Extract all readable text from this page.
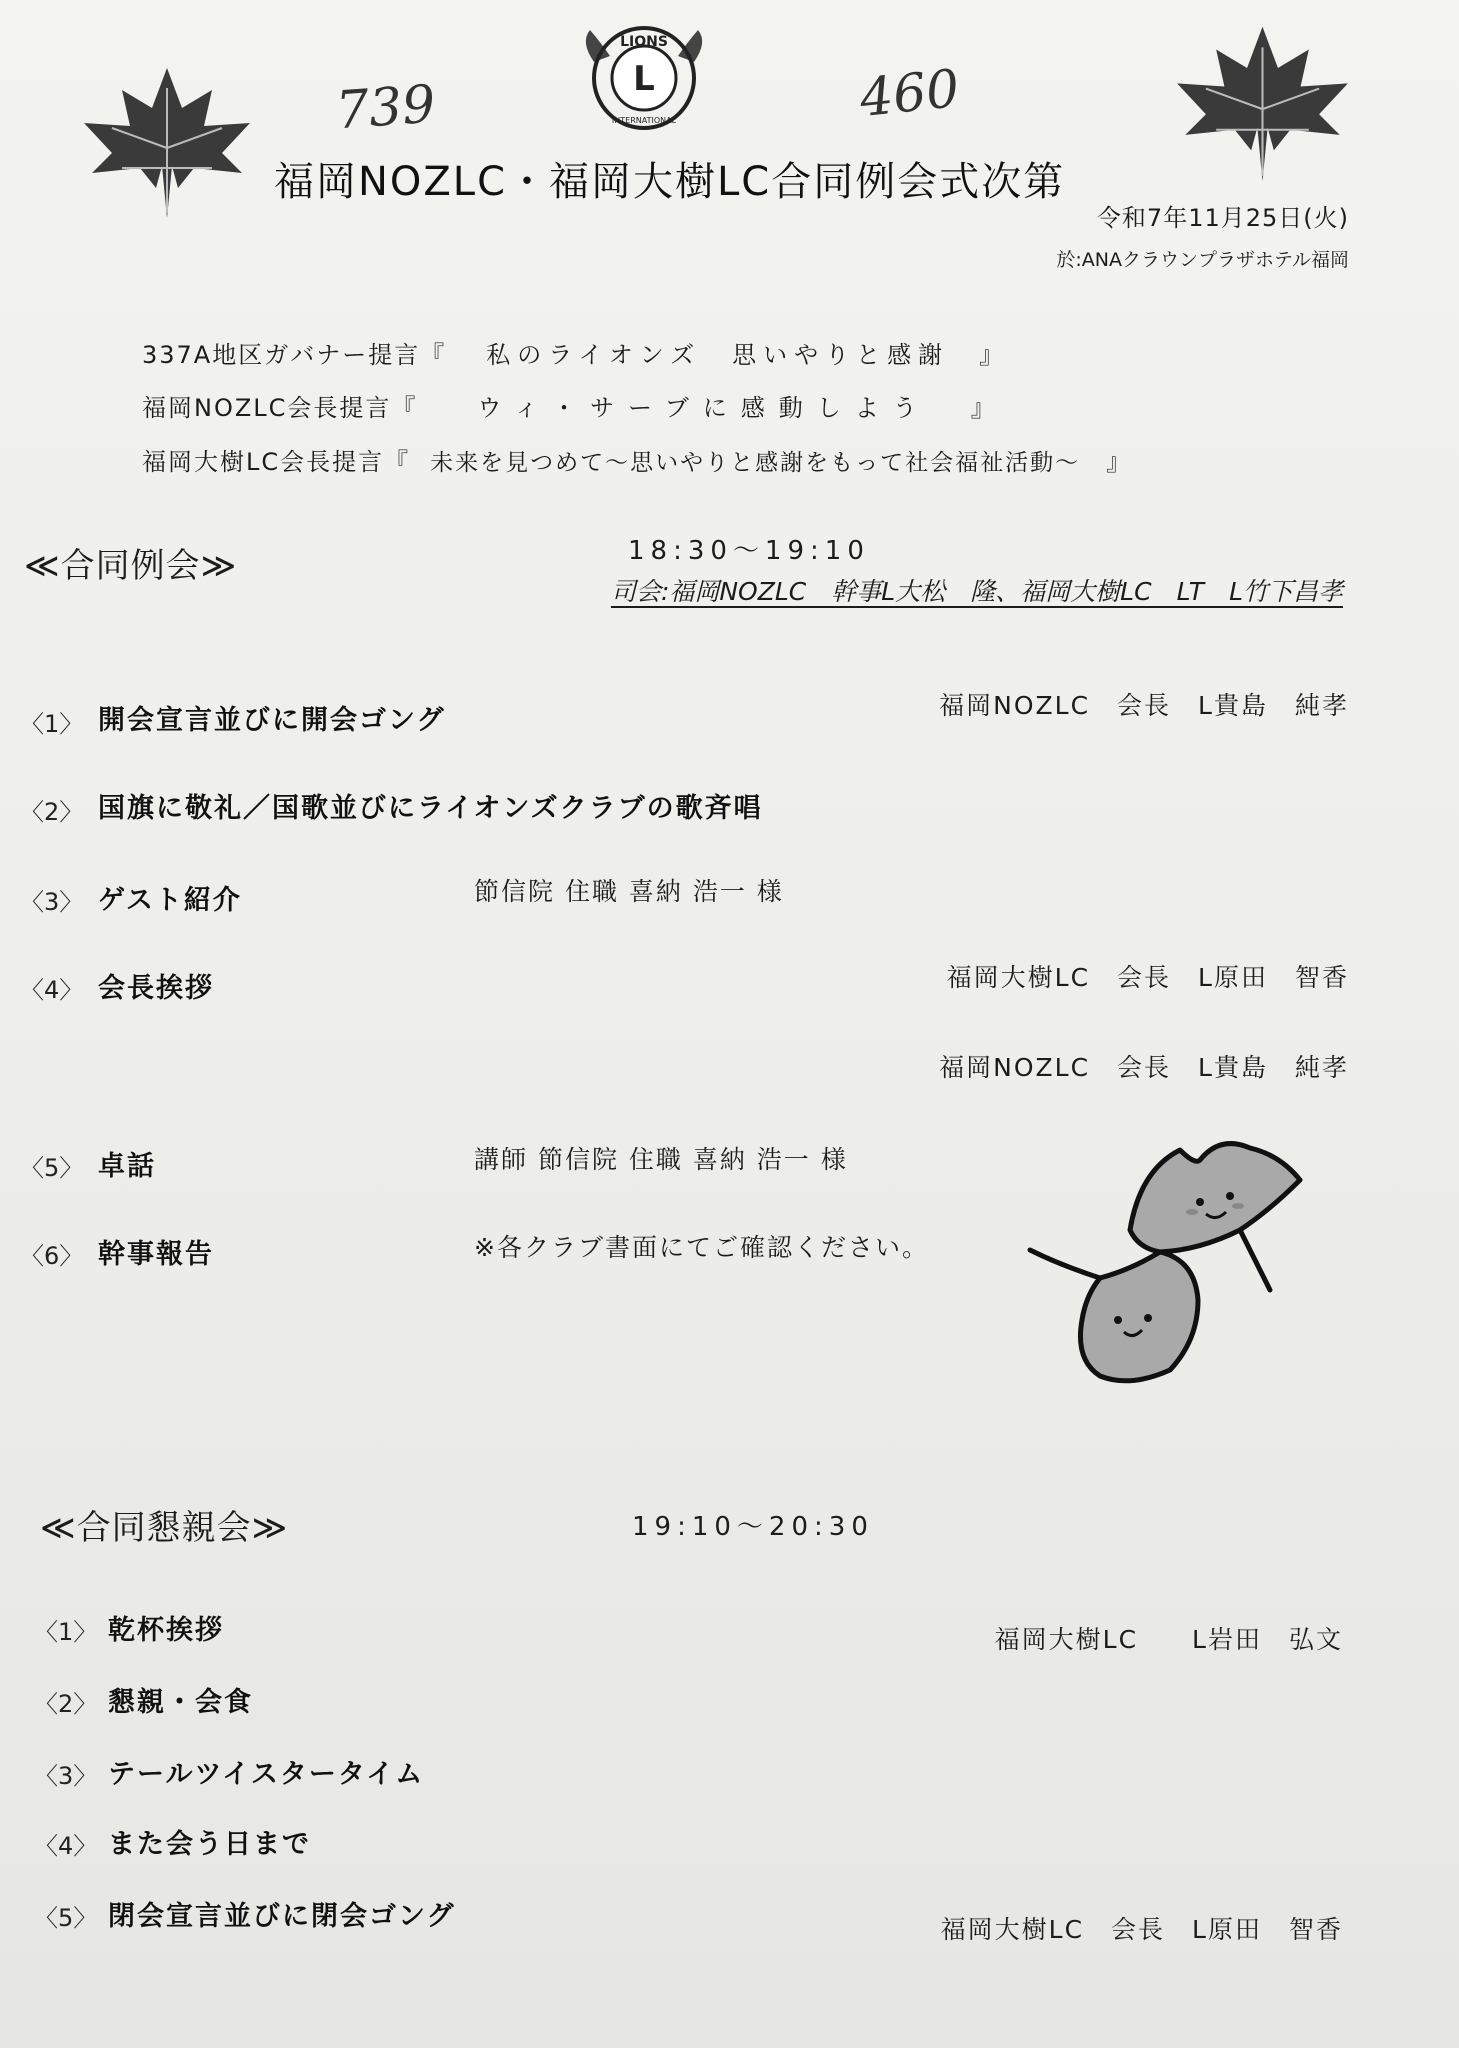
LIONS
L
INTERNATIONAL
739	460
福岡NOZLC・福岡大樹LC合同例会式次第
令和7年11月25日(火)
於:ANAクラウンプラザホテル福岡
337A地区ガバナー提言『 私のライオンズ　思いやりと感謝 』
福岡NOZLC会長提言『	ウィ・サーブに感動しよう 』
福岡大樹LC会長提言『 未来を見つめて～思いやりと感謝をもって社会福祉活動～ 』
≪合同例会≫	18:30～19:10
司会:福岡NOZLC　幹事L大松　隆、福岡大樹LC　LT　L竹下昌孝
〈1〉 開会宣言並びに開会ゴング	福岡NOZLC　会長　L貴島　純孝
〈2〉 国旗に敬礼／国歌並びにライオンズクラブの歌斉唱
〈3〉 ゲスト紹介	節信院 住職 喜納 浩一 様
〈4〉 会長挨拶	福岡大樹LC　会長　L原田　智香
福岡NOZLC　会長　L貴島　純孝
〈5〉 卓話	講師 節信院 住職 喜納 浩一 様
〈6〉 幹事報告	※各クラブ書面にてご確認ください。
≪合同懇親会≫	19:10～20:30
〈1〉 乾杯挨拶	福岡大樹LC　　L岩田　弘文
〈2〉 懇親・会食
〈3〉 テールツイスタータイム
〈4〉 また会う日まで
〈5〉 閉会宣言並びに閉会ゴング	福岡大樹LC　会長　L原田　智香
